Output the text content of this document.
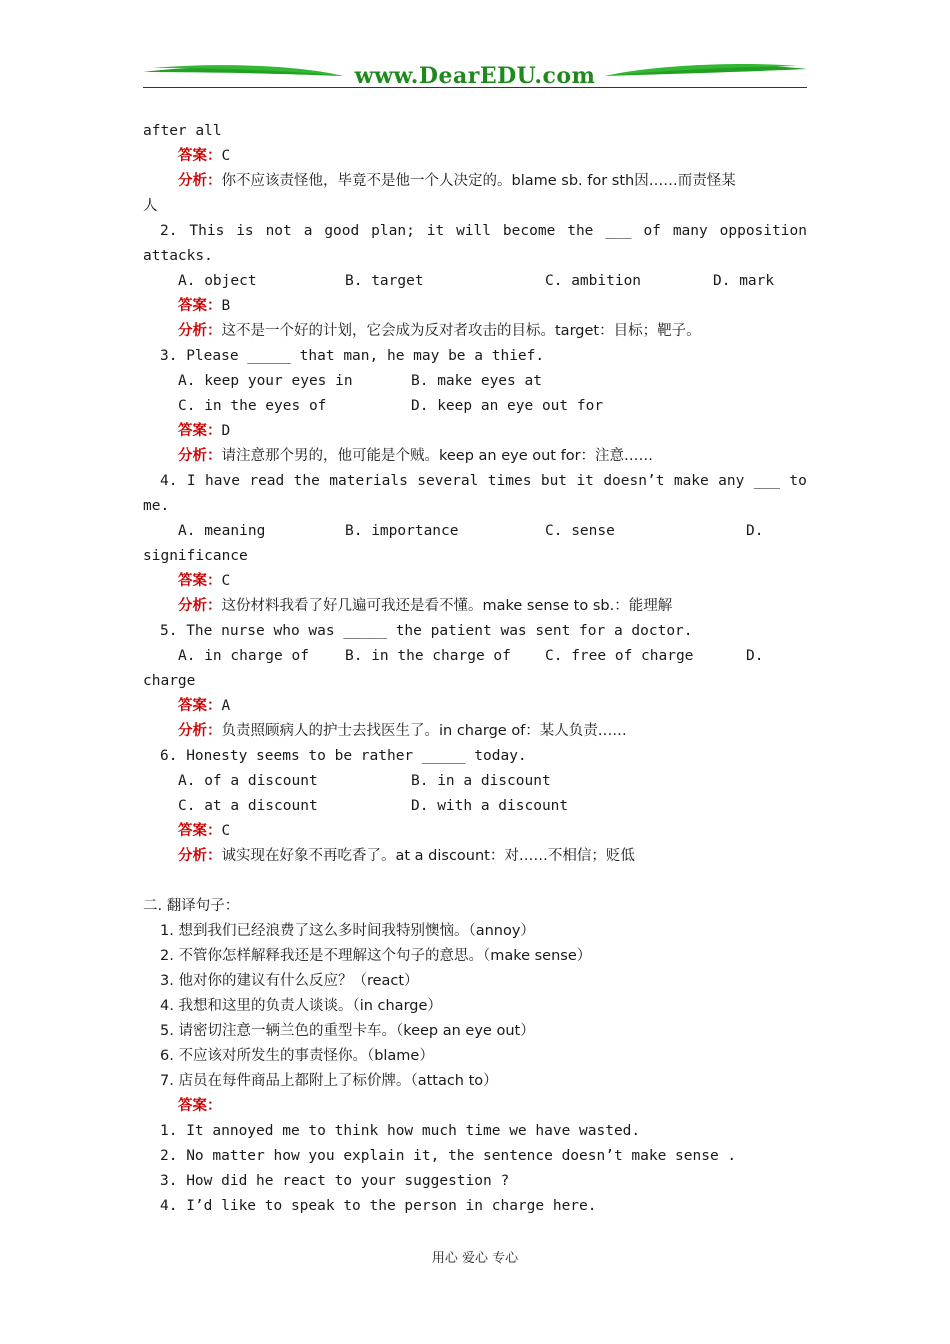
www.DearEDU.com
after all
答案：C
分析：你不应该责怪他，毕竟不是他一个人决定的。blame sb. for sth因……而责怪某
人
2. This is not a good plan; it will become the ___ of many opposition
attacks.

A. object

	B. target

	C. ambition

	D. mark

答案：B
分析：这不是一个好的计划，它会成为反对者攻击的目标。target：目标；靶子。
3. Please _____ that man, he may be a thief.

A. keep your eyes in

	B. make eyes at

C. in the eyes of

	D. keep an eye out for

答案：D
分析：请注意那个男的，他可能是个贼。keep an eye out for：注意……
4. I have read the materials several times but it doesn’t make any ___ to
me.

A. meaning

	B. importance

	C. sense

	D.

significance
答案：C
分析：这份材料我看了好几遍可我还是看不懂。make sense to sb.：能理解
5. The nurse who was _____ the patient was sent for a doctor.

A. in charge of

B. in the charge of

C. free of charge

	D.

charge
答案：A
分析：负责照顾病人的护士去找医生了。in charge of：某人负责……
6. Honesty seems to be rather _____ today.

A. of a discount

	B. in a discount

C. at a discount

	D. with a discount

答案：C
分析：诚实现在好象不再吃香了。at a discount：对……不相信；贬低
二. 翻译句子：
1. 想到我们已经浪费了这么多时间我特别懊恼。（annoy）
2. 不管你怎样解释我还是不理解这个句子的意思。（make sense）
3. 他对你的建议有什么反应？（react）
4. 我想和这里的负责人谈谈。（in charge）
5. 请密切注意一辆兰色的重型卡车。（keep an eye out）
6. 不应该对所发生的事责怪你。（blame）
7. 店员在每件商品上都附上了标价牌。（attach to）
答案：
1. It annoyed me to think how much time we have wasted.
2. No matter how you explain it, the sentence doesn’t make sense .
3. How did he react to your suggestion ?
4. I’d like to speak to the person in charge here.
用心 爱心 专心
